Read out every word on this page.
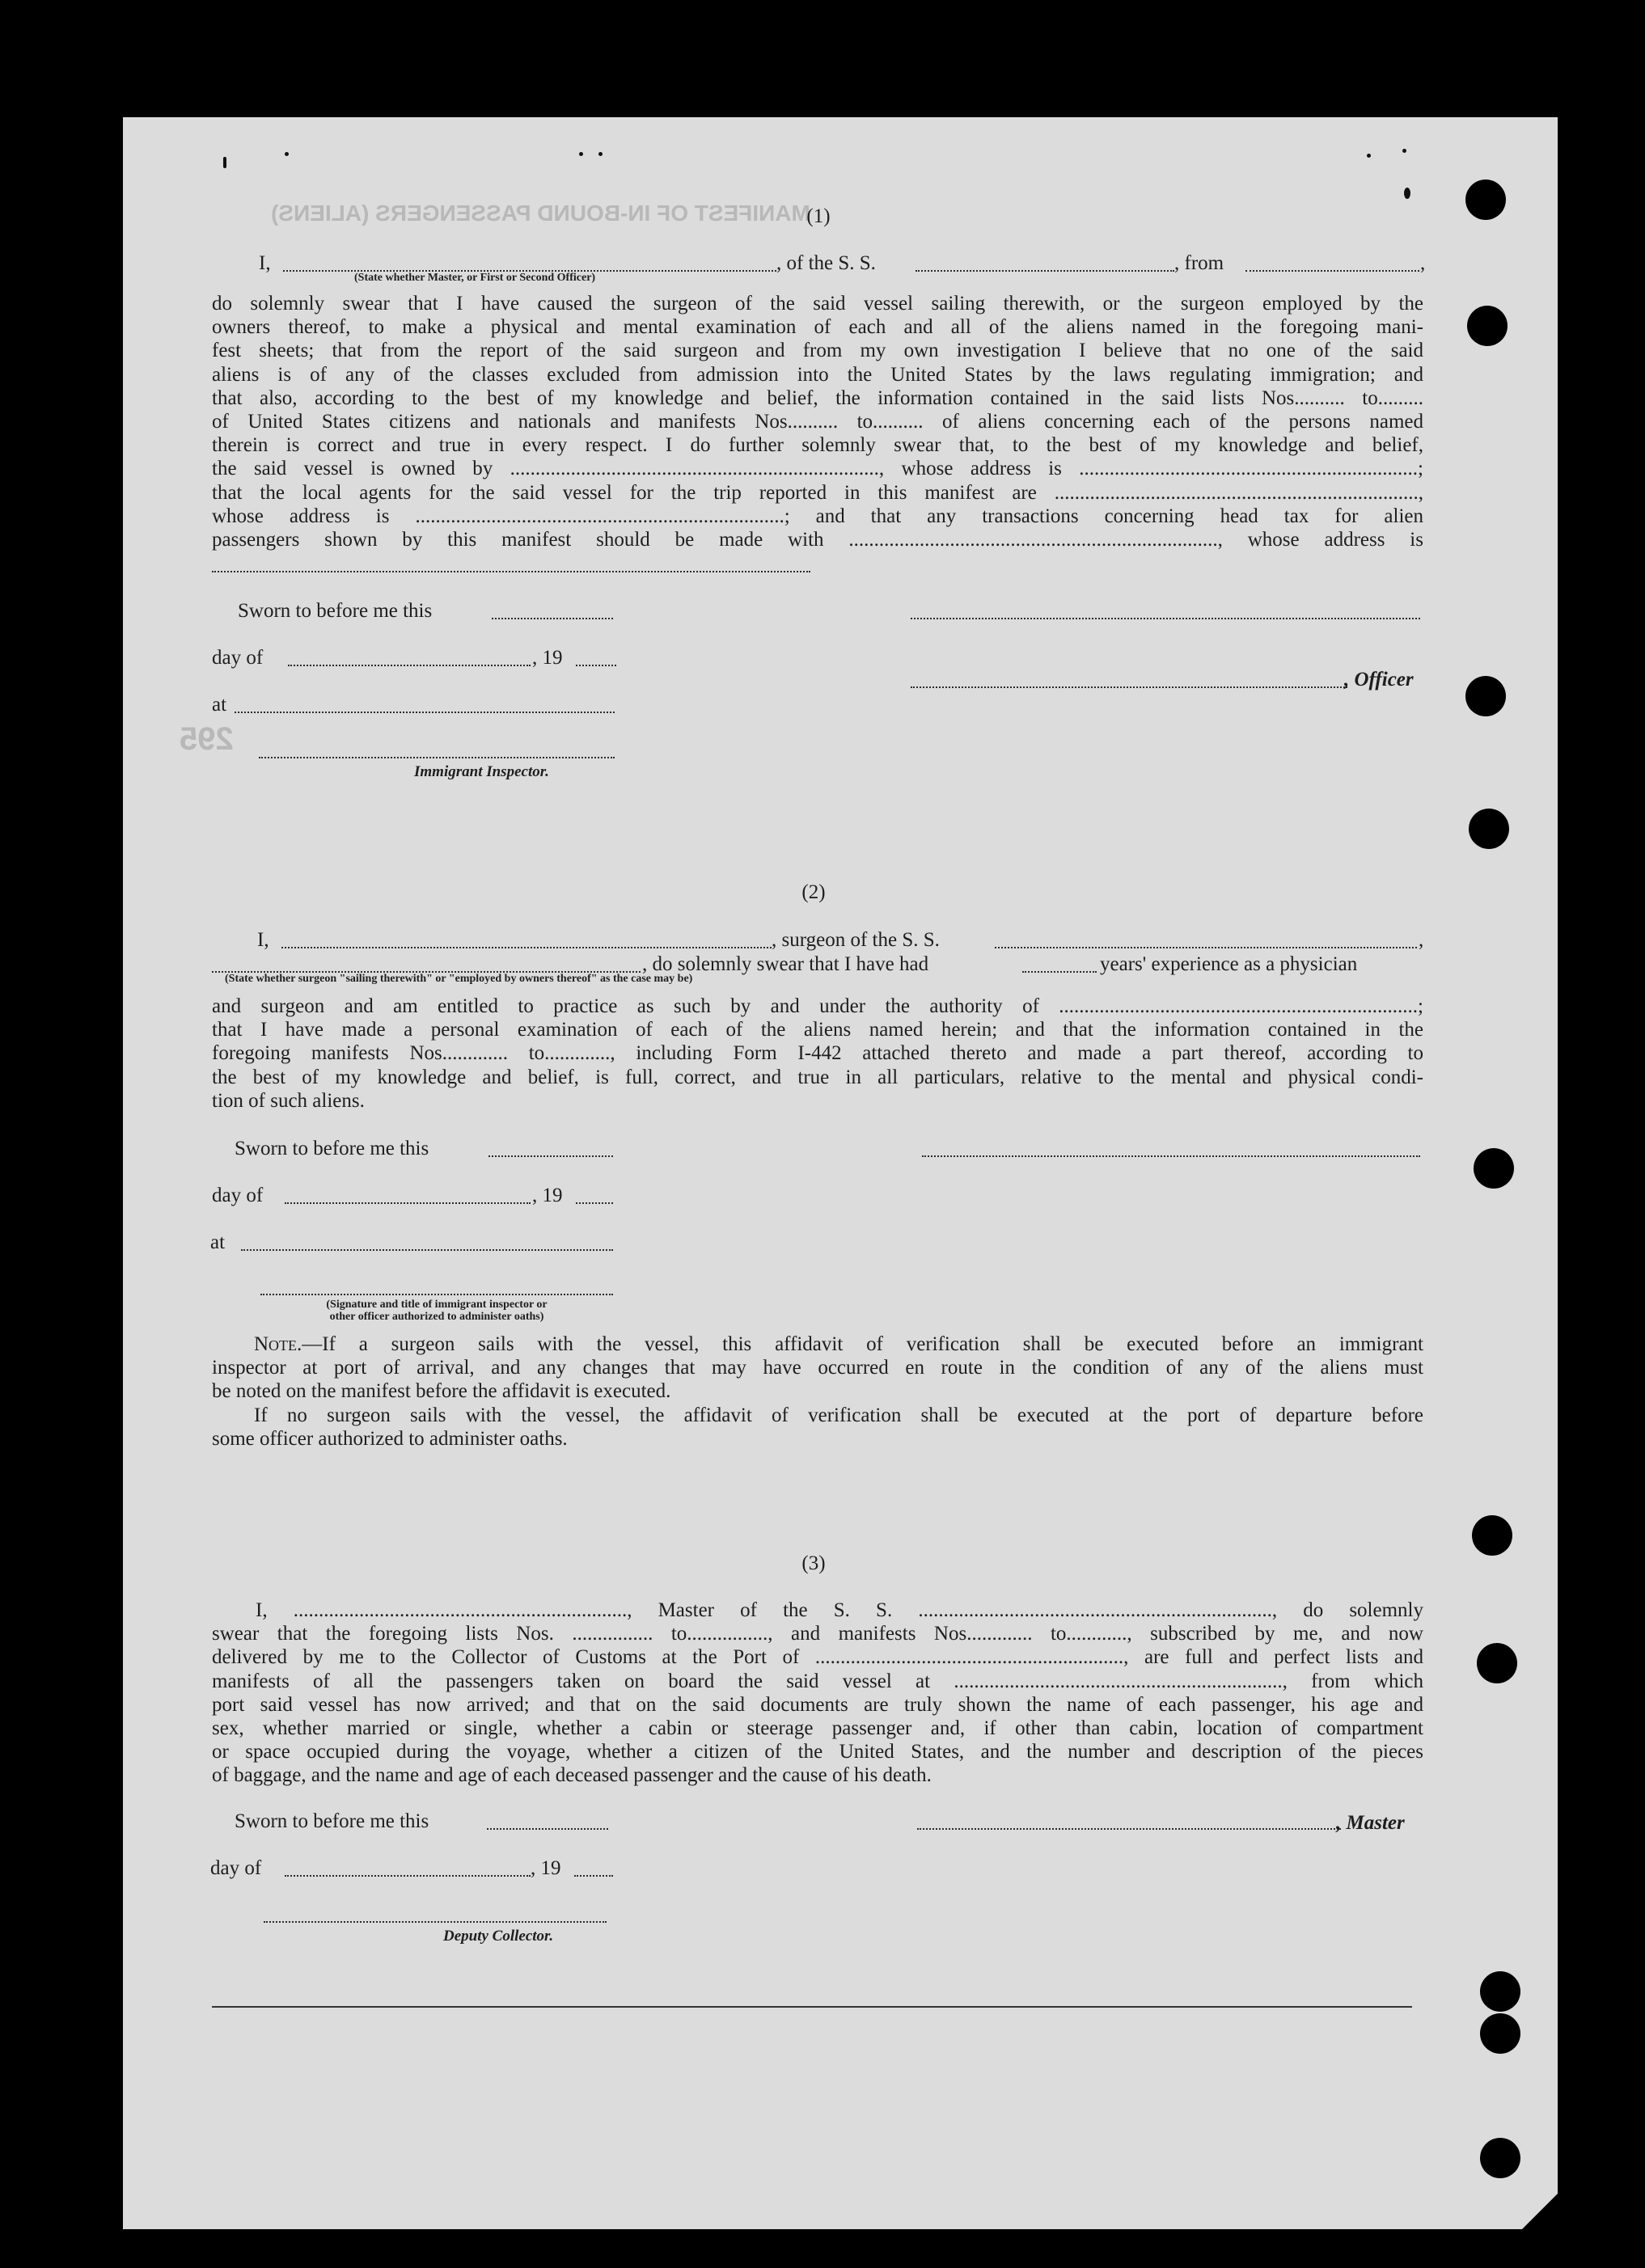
MANIFEST OF IN-BOUND PASSENGERS (ALIENS)
295
(1)
I,	, of the S. S.	, from	,
(State whether Master, or First or Second Officer)
do solemnly swear that I have caused the surgeon of the said vessel sailing therewith, or the surgeon employed by the
owners thereof, to make a physical and mental examination of each and all of the aliens named in the foregoing mani-
fest sheets; that from the report of the said surgeon and from my own investigation I believe that no one of the said
aliens is of any of the classes excluded from admission into the United States by the laws regulating immigration; and
that also, according to the best of my knowledge and belief, the information contained in the said lists Nos.......... to.........
of United States citizens and nationals and manifests Nos.......... to.......... of aliens concerning each of the persons named
therein is correct and true in every respect. I do further solemnly swear that, to the best of my knowledge and belief,
the said vessel is owned by ........................................................................., whose address is ...................................................................;
that the local agents for the said vessel for the trip reported in this manifest are ........................................................................,
whose address is .........................................................................; and that any transactions concerning head tax for alien
passengers shown by this manifest should be made with ........................................................................., whose address is
Sworn to before me this
day of	, 19
, Officer
at
Immigrant Inspector.
(2)
I,	, surgeon of the S. S.	,
, do solemnly swear that I have had	years' experience as a physician
(State whether surgeon "sailing therewith" or "employed by owners thereof" as the case may be)
and surgeon and am entitled to practice as such by and under the authority of .......................................................................;
that I have made a personal examination of each of the aliens named herein; and that the information contained in the
foregoing manifests Nos............. to............., including Form I-442 attached thereto and made a part thereof, according to
the best of my knowledge and belief, is full, correct, and true in all particulars, relative to the mental and physical condi-
tion of such aliens.
Sworn to before me this
day of	, 19
at
(Signature and title of immigrant inspector or
other officer authorized to administer oaths)
Note.—If a surgeon sails with the vessel, this affidavit of verification shall be executed before an immigrant
inspector at port of arrival, and any changes that may have occurred en route in the condition of any of the aliens must
be noted on the manifest before the affidavit is executed.
If no surgeon sails with the vessel, the affidavit of verification shall be executed at the port of departure before
some officer authorized to administer oaths.
(3)
I, .................................................................., Master of the S. S. ......................................................................, do solemnly
swear that the foregoing lists Nos. ................ to................, and manifests Nos............. to............, subscribed by me, and now
delivered by me to the Collector of Customs at the Port of ............................................................., are full and perfect lists and
manifests of all the passengers taken on board the said vessel at ................................................................., from which
port said vessel has now arrived; and that on the said documents are truly shown the name of each passenger, his age and
sex, whether married or single, whether a cabin or steerage passenger and, if other than cabin, location of compartment
or space occupied during the voyage, whether a citizen of the United States, and the number and description of the pieces
of baggage, and the name and age of each deceased passenger and the cause of his death.
Sworn to before me this	, Master
day of	, 19
Deputy Collector.
